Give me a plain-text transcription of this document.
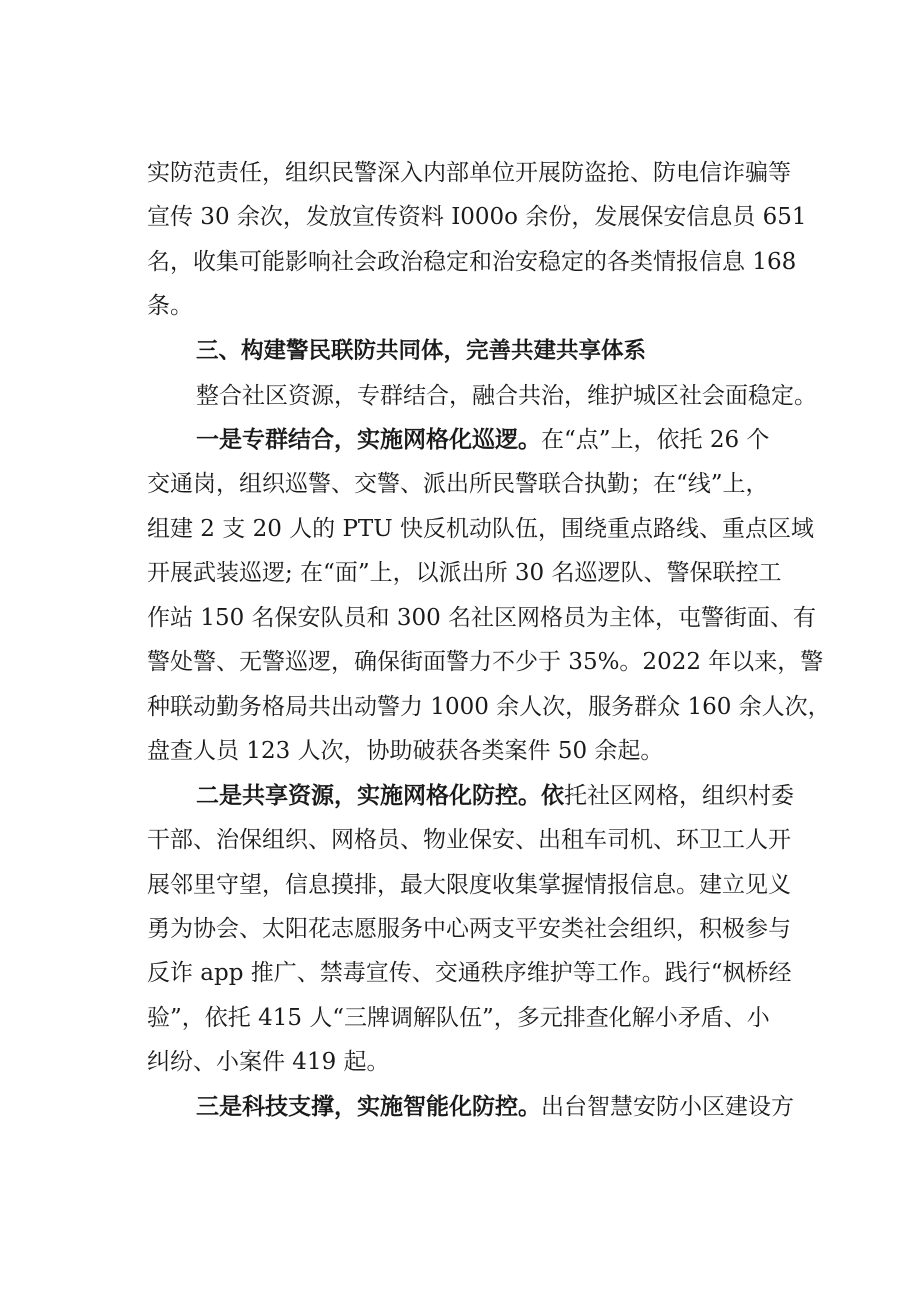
实防范责任，组织民警深入内部单位开展防盗抢、防电信诈骗等
宣传 30 余次，发放宣传资料 I000o 余份，发展保安信息员 651
名，收集可能影响社会政治稳定和治安稳定的各类情报信息 168
条。
三、构建警民联防共同体，完善共建共享体系
整合社区资源，专群结合，融合共治，维护城区社会面稳定。
一是专群结合，实施网格化巡逻。在“点”上，依托 26 个
交通岗，组织巡警、交警、派出所民警联合执勤；在“线”上，
组建 2 支 20 人的 PTU 快反机动队伍，围绕重点路线、重点区域
开展武装巡逻; 在“面”上，以派出所 30 名巡逻队、警保联控工
作站 150 名保安队员和 300 名社区网格员为主体，屯警街面、有
警处警、无警巡逻，确保街面警力不少于 35%。2022 年以来，警
种联动勤务格局共出动警力 1000 余人次，服务群众 160 余人次，
盘查人员 123 人次，协助破获各类案件 50 余起。
二是共享资源，实施网格化防控。依托社区网格，组织村委
干部、治保组织、网格员、物业保安、出租车司机、环卫工人开
展邻里守望，信息摸排，最大限度收集掌握情报信息。建立见义
勇为协会、太阳花志愿服务中心两支平安类社会组织，积极参与
反诈 app 推广、禁毒宣传、交通秩序维护等工作。践行“枫桥经
验”，依托 415 人“三牌调解队伍”，多元排查化解小矛盾、小
纠纷、小案件 419 起。
三是科技支撑，实施智能化防控。出台智慧安防小区建设方
